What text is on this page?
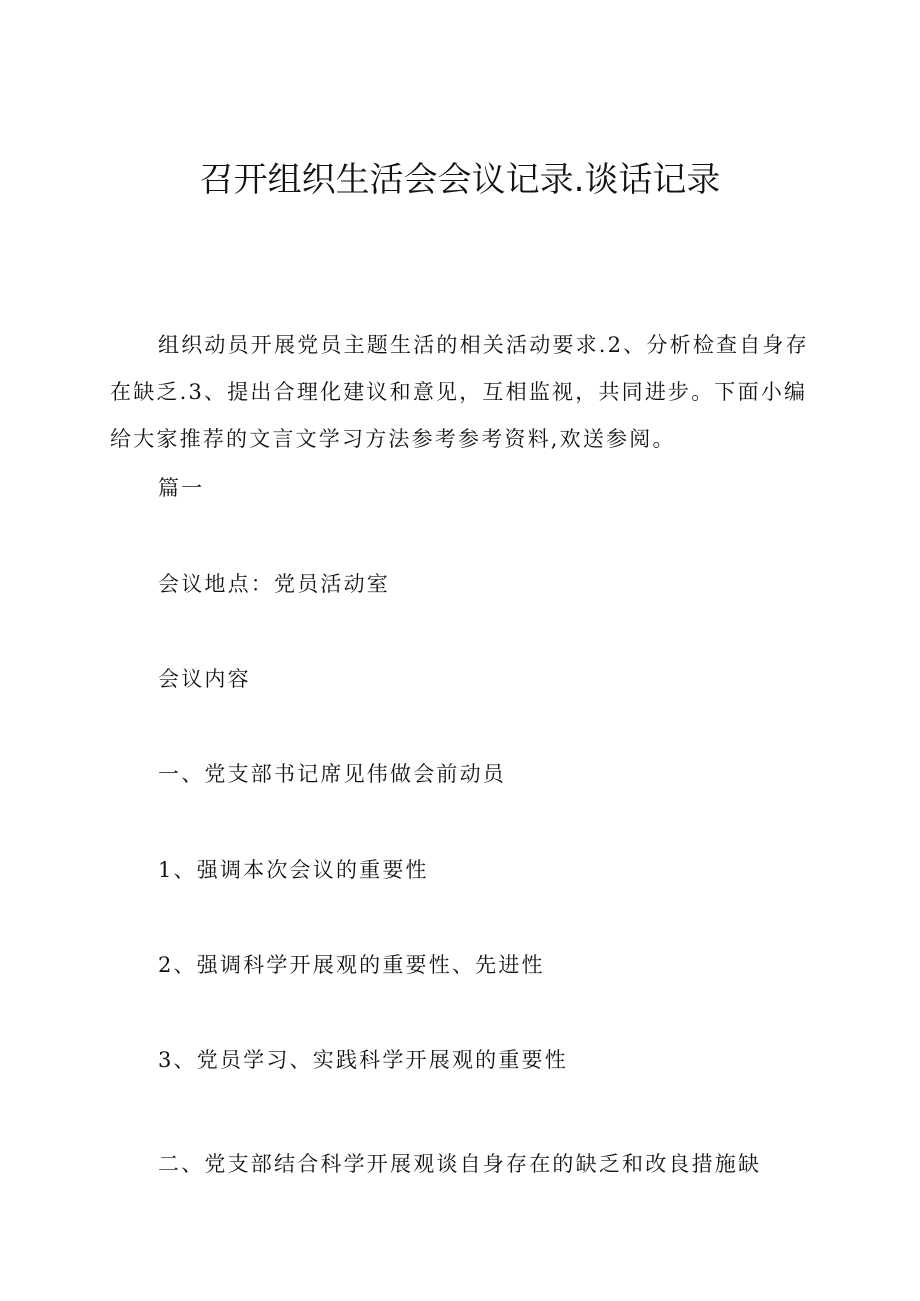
召开组织生活会会议记录.谈话记录

组织动员开展党员主题生活的相关活动要求.2、分析检查自身存在缺乏.3、提出合理化建议和意见，互相监视，共同进步。下面小编给大家推荐的文言文学习方法参考参考资料,欢送参阅。

篇一

会议地点：党员活动室

会议内容

一、党支部书记席见伟做会前动员

1、强调本次会议的重要性

2、强调科学开展观的重要性、先进性

3、党员学习、实践科学开展观的重要性

二、党支部结合科学开展观谈自身存在的缺乏和改良措施缺
